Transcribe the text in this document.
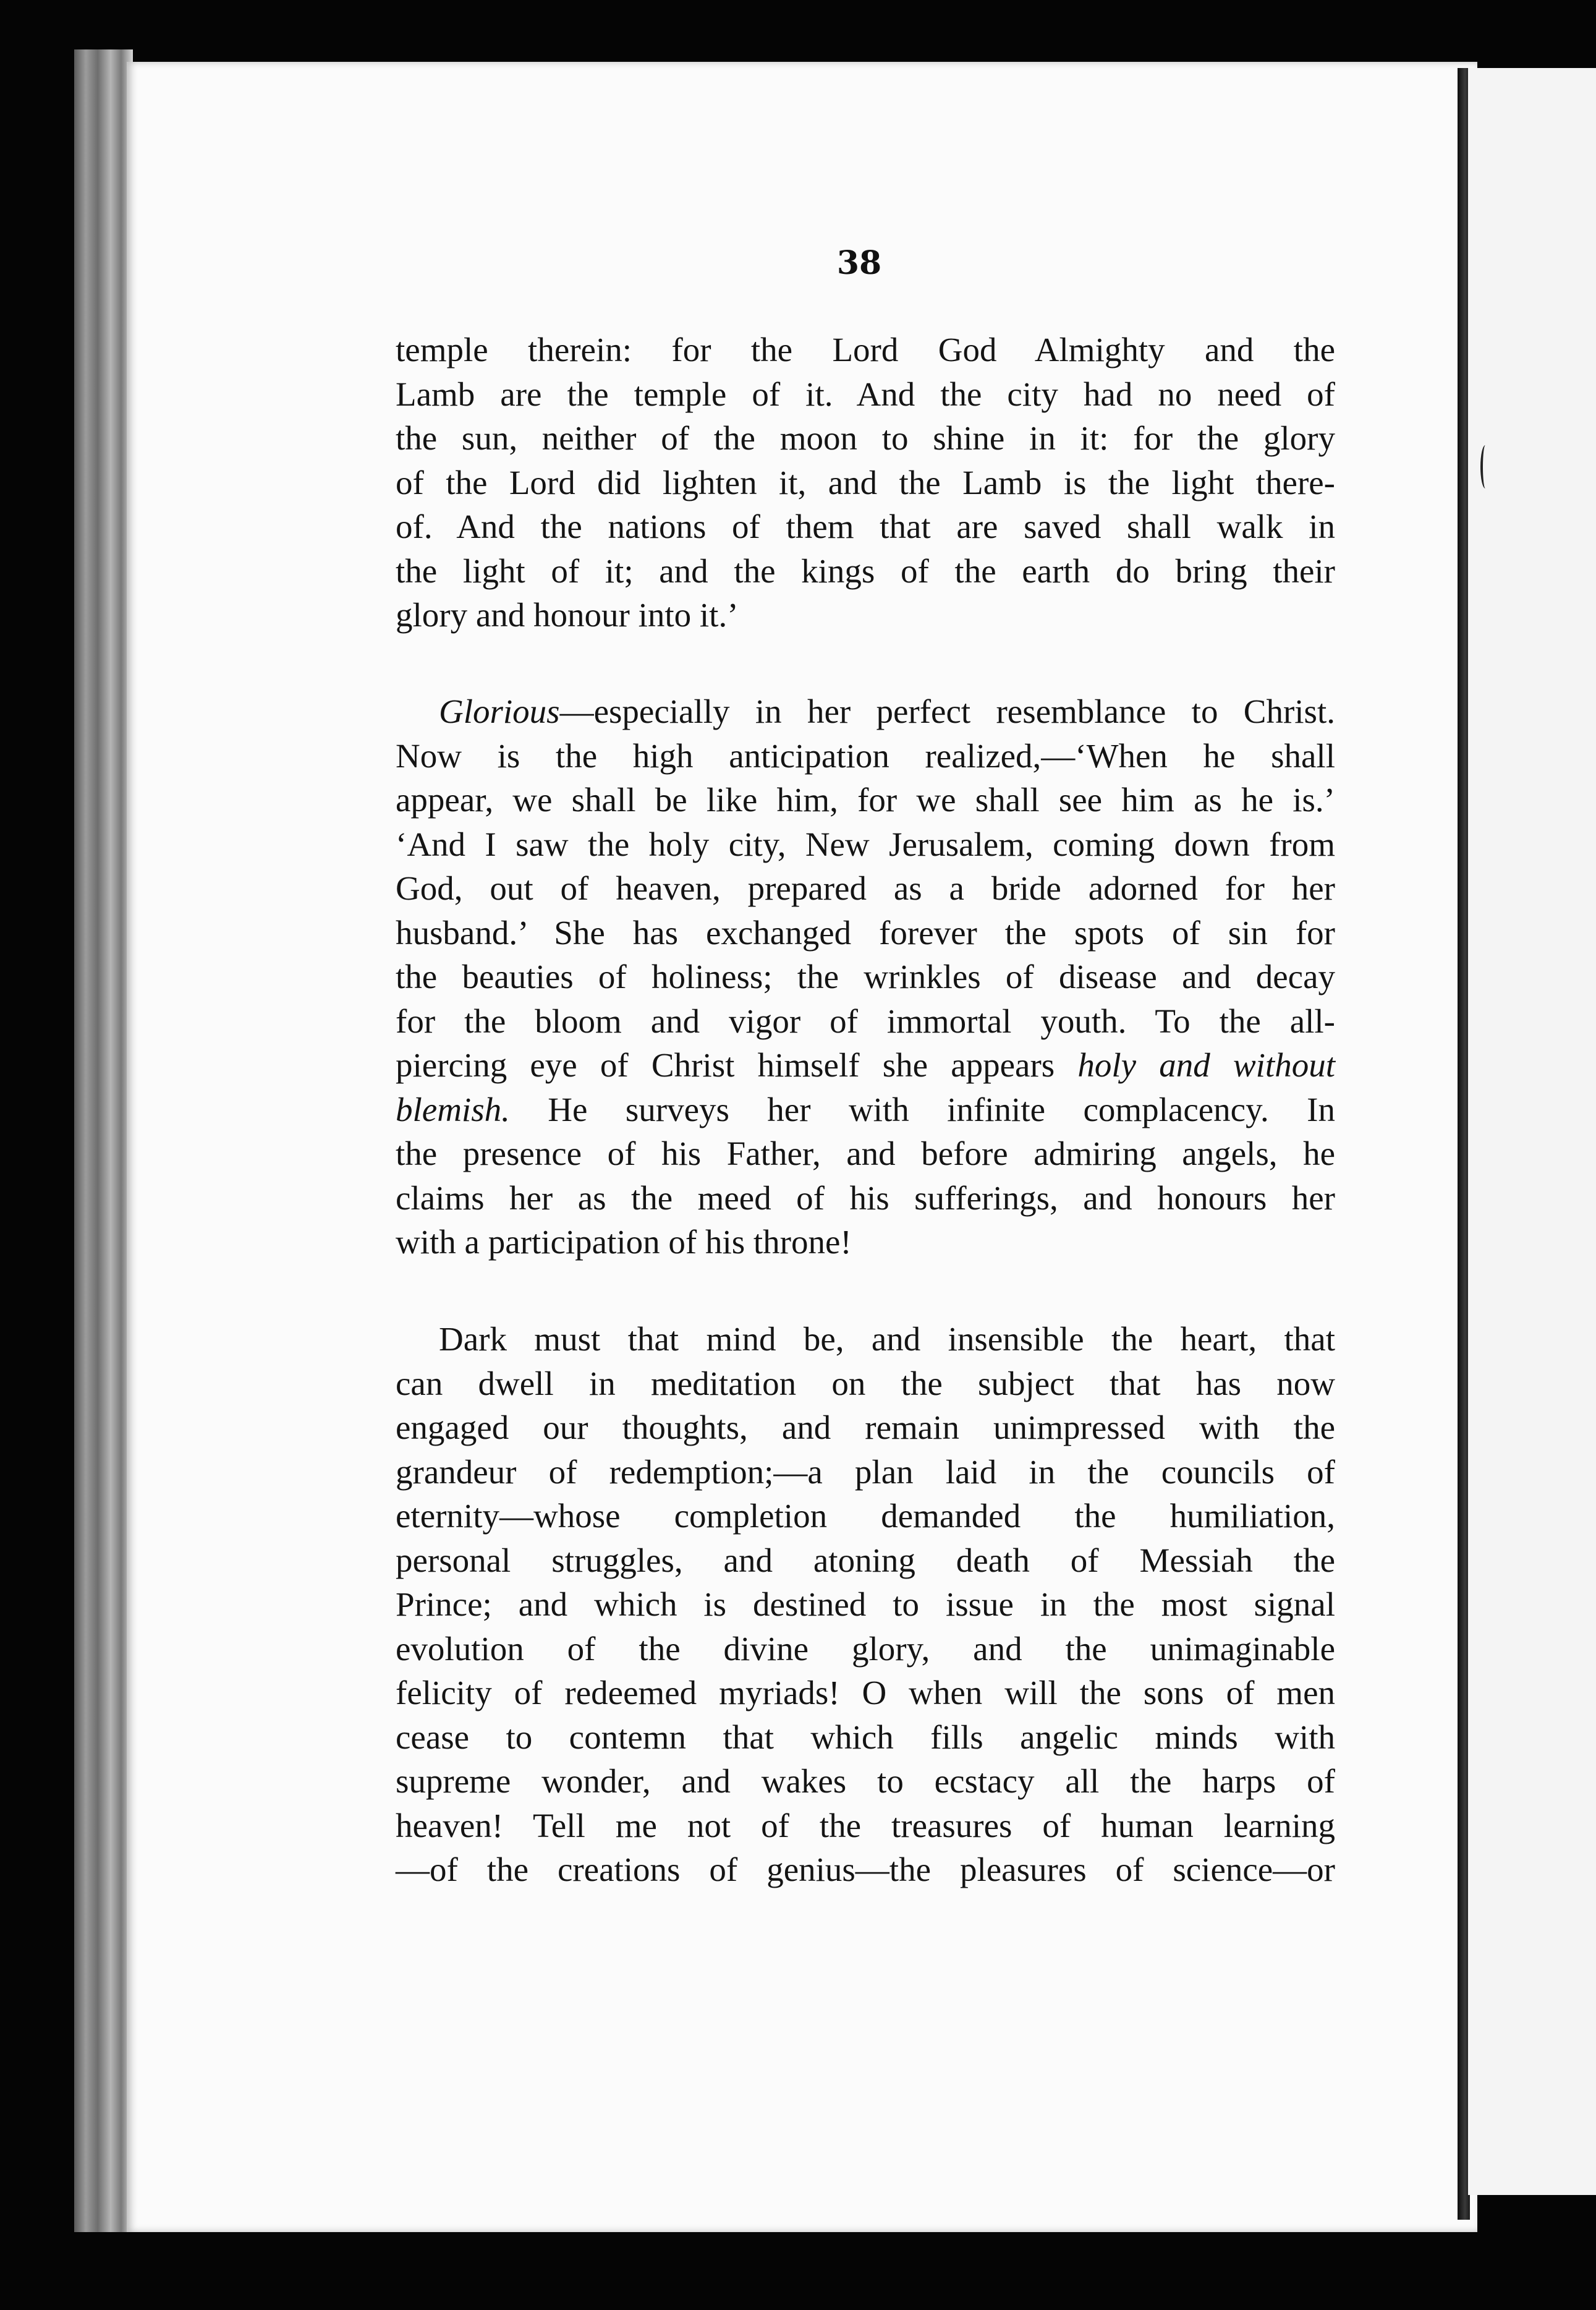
38
temple therein: for the Lord God Almighty and the
Lamb are the temple of it. And the city had no need of
the sun, neither of the moon to shine in it: for the glory
of the Lord did lighten it, and the Lamb is the light there-
of. And the nations of them that are saved shall walk in
the light of it; and the kings of the earth do bring their
glory and honour into it.’
Glorious—especially in her perfect resemblance to Christ.
Now is the high anticipation realized,—‘When he shall
appear, we shall be like him, for we shall see him as he is.’
‘And I saw the holy city, New Jerusalem, coming down from
God, out of heaven, prepared as a bride adorned for her
husband.’ She has exchanged forever the spots of sin for
the beauties of holiness; the wrinkles of disease and decay
for the bloom and vigor of immortal youth. To the all-
piercing eye of Christ himself she appears holy and without
blemish. He surveys her with infinite complacency. In
the presence of his Father, and before admiring angels, he
claims her as the meed of his sufferings, and honours her
with a participation of his throne!
Dark must that mind be, and insensible the heart, that
can dwell in meditation on the subject that has now
engaged our thoughts, and remain unimpressed with the
grandeur of redemption;—a plan laid in the councils of
eternity—whose completion demanded the humiliation,
personal struggles, and atoning death of Messiah the
Prince; and which is destined to issue in the most signal
evolution of the divine glory, and the unimaginable
felicity of redeemed myriads! O when will the sons of men
cease to contemn that which fills angelic minds with
supreme wonder, and wakes to ecstacy all the harps of
heaven! Tell me not of the treasures of human learning
—of the creations of genius—the pleasures of science—or
